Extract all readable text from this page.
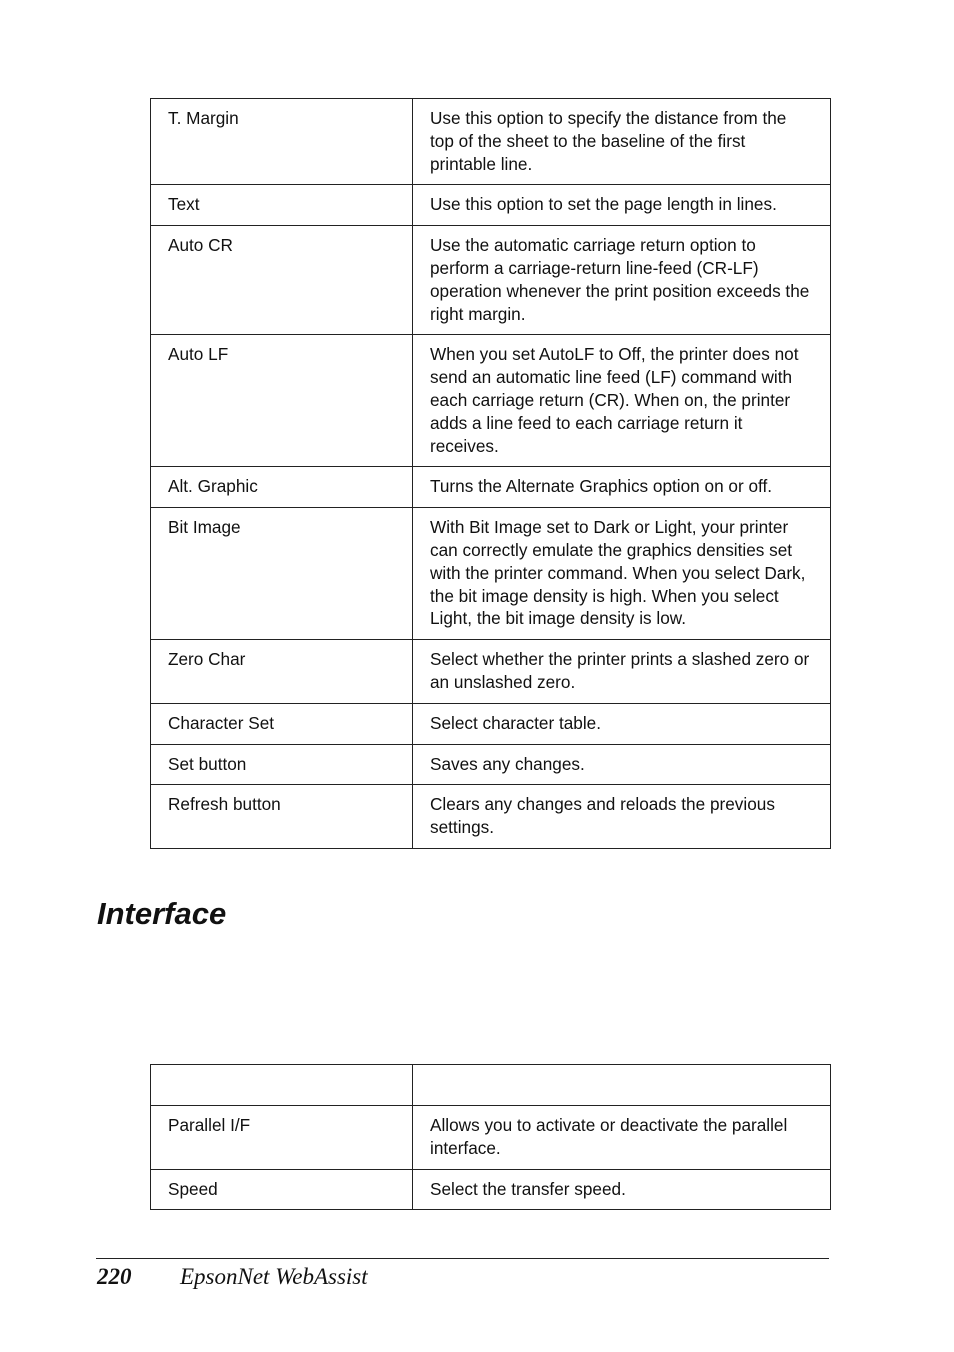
T. Margin	Use this option to specify the distance from the top of the sheet to the baseline of the first printable line.
Text	Use this option to set the page length in lines.
Auto CR	Use the automatic carriage return option to perform a carriage-return line-feed (CR-LF) operation whenever the print position exceeds the right margin.
Auto LF	When you set AutoLF to Off, the printer does not send an automatic line feed (LF) command with each carriage return (CR). When on, the printer adds a line feed to each carriage return it receives.
Alt. Graphic	Turns the Alternate Graphics option on or off.
Bit Image	With Bit Image set to Dark or Light, your printer can correctly emulate the graphics densities set with the printer command. When you select Dark, the bit image density is high. When you select Light, the bit image density is low.
Zero Char	Select whether the printer prints a slashed zero or an unslashed zero.
Character Set	Select character table.
Set button	Saves any changes.
Refresh button	Clears any changes and reloads the previous settings.
Interface

Parallel I/F	Allows you to activate or deactivate the parallel interface.
Speed	Select the transfer speed.
220 EpsonNet WebAssist
